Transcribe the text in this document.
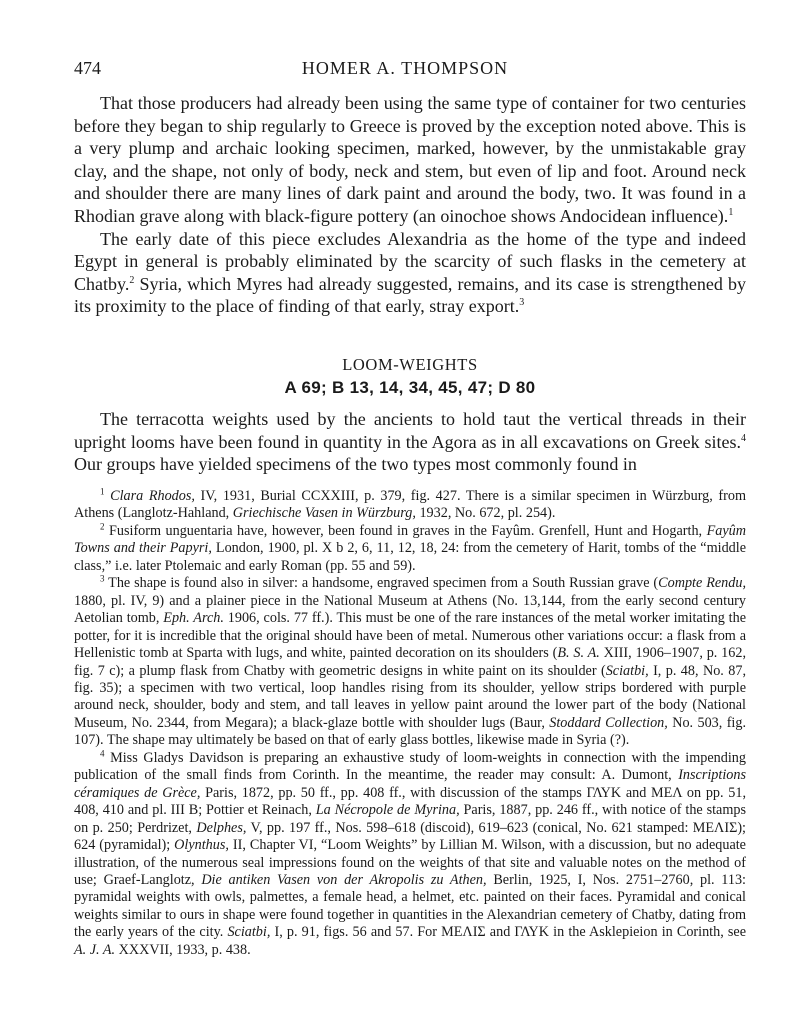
474	HOMER A. THOMPSON

That those producers had already been using the same type of container for two centuries before they began to ship regularly to Greece is proved by the exception noted above. This is a very plump and archaic looking specimen, marked, however, by the unmistakable gray clay, and the shape, not only of body, neck and stem, but even of lip and foot. Around neck and shoulder there are many lines of dark paint and around the body, two. It was found in a Rhodian grave along with black-figure pottery (an oinochoe shows Andocidean influence).$^1$

The early date of this piece excludes Alexandria as the home of the type and indeed Egypt in general is probably eliminated by the scarcity of such flasks in the cemetery at Chatby.$^2$ Syria, which Myres had already suggested, remains, and its case is strengthened by its proximity to the place of finding of that early, stray export.$^3$

LOOM-WEIGHTS
A 69; B 13, 14, 34, 45, 47; D 80

The terracotta weights used by the ancients to hold taut the vertical threads in their upright looms have been found in quantity in the Agora as in all excavations on Greek sites.$^4$ Our groups have yielded specimens of the two types most commonly found in

$^1$ Clara Rhodos, IV, 1931, Burial CCXXIII, p. 379, fig. 427. There is a similar specimen in Würzburg, from Athens (Langlotz-Hahland, Griechische Vasen in Würzburg, 1932, No. 672, pl. 254).

$^2$ Fusiform unguentaria have, however, been found in graves in the Fayûm. Grenfell, Hunt and Hogarth, Fayûm Towns and their Papyri, London, 1900, pl. X b 2, 6, 11, 12, 18, 24: from the cemetery of Harit, tombs of the “middle class,” i.e. later Ptolemaic and early Roman (pp. 55 and 59).

$^3$ The shape is found also in silver: a handsome, engraved specimen from a South Russian grave (Compte Rendu, 1880, pl. IV, 9) and a plainer piece in the National Museum at Athens (No. 13,144, from the early second century Aetolian tomb, Eph. Arch. 1906, cols. 77 ff.). This must be one of the rare instances of the metal worker imitating the potter, for it is incredible that the original should have been of metal. Numerous other variations occur: a flask from a Hellenistic tomb at Sparta with lugs, and white, painted decoration on its shoulders (B. S. A. XIII, 1906–1907, p. 162, fig. 7 c); a plump flask from Chatby with geometric designs in white paint on its shoulder (Sciatbi, I, p. 48, No. 87, fig. 35); a specimen with two vertical, loop handles rising from its shoulder, yellow strips bordered with purple around neck, shoulder, body and stem, and tall leaves in yellow paint around the lower part of the body (National Museum, No. 2344, from Megara); a black-glaze bottle with shoulder lugs (Baur, Stoddard Collection, No. 503, fig. 107). The shape may ultimately be based on that of early glass bottles, likewise made in Syria (?).

$^4$ Miss Gladys Davidson is preparing an exhaustive study of loom-weights in connection with the impending publication of the small finds from Corinth. In the meantime, the reader may consult: A. Dumont, Inscriptions céramiques de Grèce, Paris, 1872, pp. 50 ff., pp. 408 ff., with discussion of the stamps ΓΛΥΚ and ΜΕΛ on pp. 51, 408, 410 and pl. III B; Pottier et Reinach, La Nécropole de Myrina, Paris, 1887, pp. 246 ff., with notice of the stamps on p. 250; Perdrizet, Delphes, V, pp. 197 ff., Nos. 598–618 (discoid), 619–623 (conical, No. 621 stamped: ΜΕΛΙΣ); 624 (pyramidal); Olynthus, II, Chapter VI, “Loom Weights” by Lillian M. Wilson, with a discussion, but no adequate illustration, of the numerous seal impressions found on the weights of that site and valuable notes on the method of use; Graef-Langlotz, Die antiken Vasen von der Akropolis zu Athen, Berlin, 1925, I, Nos. 2751–2760, pl. 113: pyramidal weights with owls, palmettes, a female head, a helmet, etc. painted on their faces. Pyramidal and conical weights similar to ours in shape were found together in quantities in the Alexandrian cemetery of Chatby, dating from the early years of the city. Sciatbi, I, p. 91, figs. 56 and 57. For ΜΕΛΙΣ and ΓΛΥΚ in the Asklepieion in Corinth, see A. J. A. XXXVII, 1933, p. 438.
